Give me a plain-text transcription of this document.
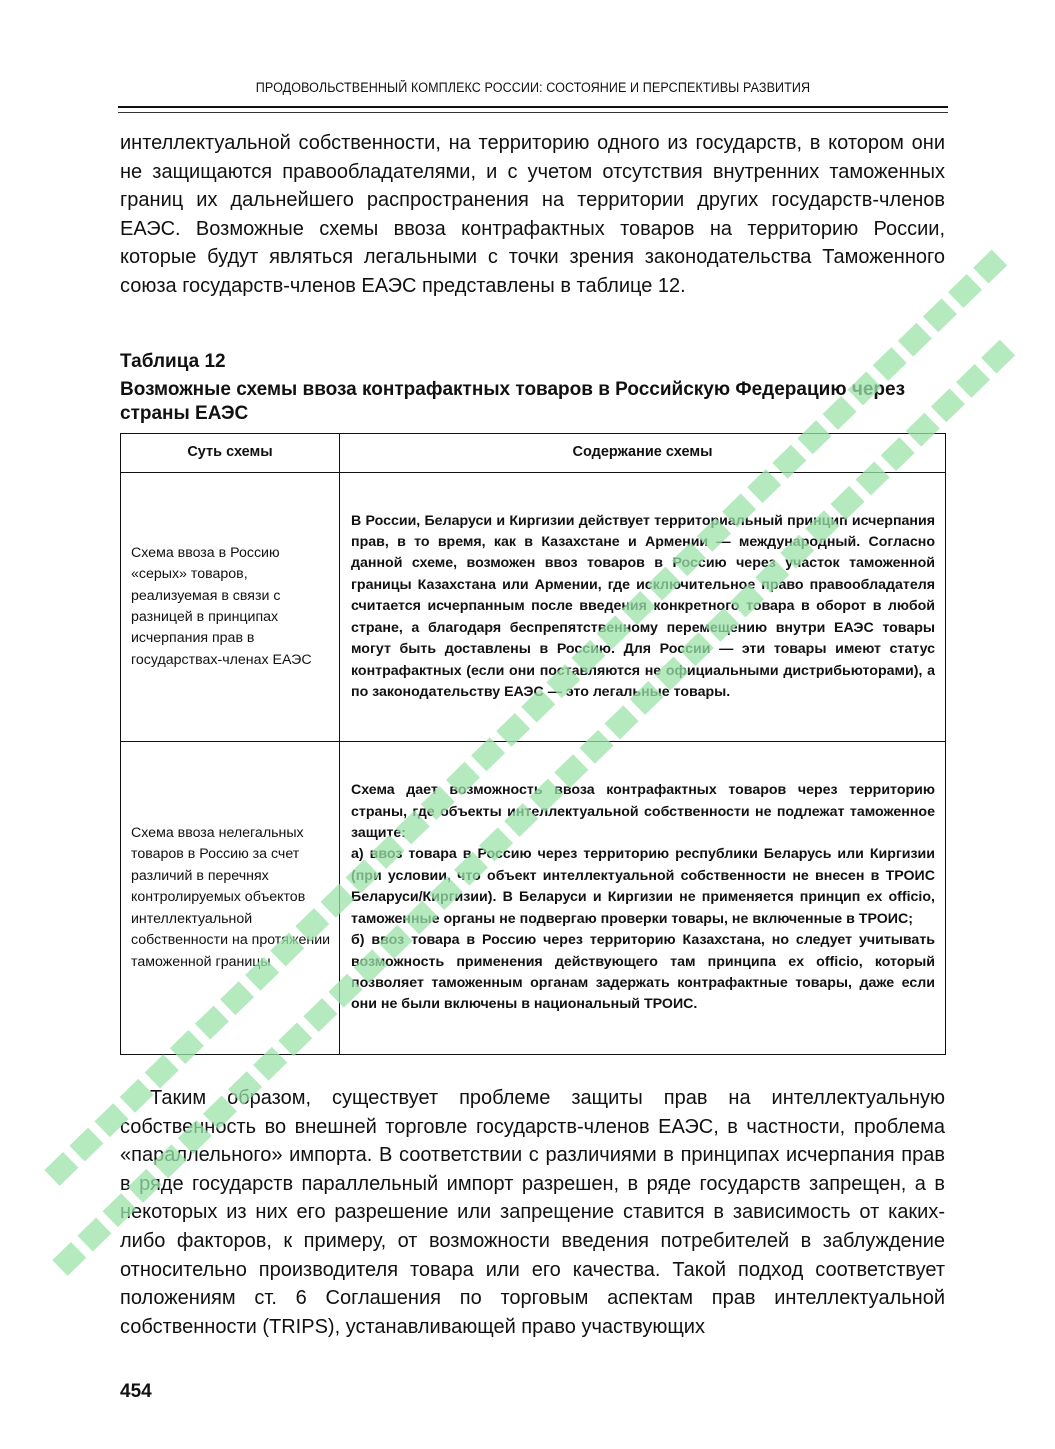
ПРОДОВОЛЬСТВЕННЫЙ КОМПЛЕКС РОССИИ: СОСТОЯНИЕ И ПЕРСПЕКТИВЫ РАЗВИТИЯ
интеллектуальной собственности, на территорию одного из государств, в котором они не защищаются правообладателями, и с учетом отсутствия внутренних таможенных границ их дальнейшего распространения на территории других государств-членов ЕАЭС. Возможные схемы ввоза контрафактных товаров на территорию России, которые будут являться легальными с точки зрения законодательства Таможенного союза государств-членов ЕАЭС представлены в таблице 12.
Таблица 12
Возможные схемы ввоза контрафактных товаров в Российскую Федерацию через страны ЕАЭС
Суть схемы	Содержание схемы
Схема ввоза в Россию «серых» товаров, реализуемая в связи с разницей в принципах исчерпания прав в государствах-членах ЕАЭС	В России, Беларуси и Киргизии действует территориальный принцип исчерпания прав, в то время, как в Казахстане и Армении — международный. Согласно данной схеме, возможен ввоз товаров в Россию через участок таможенной границы Казахстана или Армении, где исключительное право правообладателя считается исчерпанным после введения конкретного товара в оборот в любой стране, а благодаря беспрепятственному перемещению внутри ЕАЭС товары могут быть доставлены в Россию. Для России — эти товары имеют статус контрафактных (если они поставляются не официальными дистрибьюторами), а по законодательству ЕАЭС — это легальные товары.
Схема ввоза нелегальных товаров в Россию за счет различий в перечнях контролируемых объектов интеллектуальной собственности на протяжении таможенной границы	Схема дает возможность ввоза контрафактных товаров через территорию страны, где объекты интеллектуальной собственности не подлежат таможенное защите:
а) ввоз товара в Россию через территорию республики Беларусь или Киргизии (при условии, что объект интеллектуальной собственности не внесен в ТРОИС Беларуси/Киргизии). В Беларуси и Киргизии не применяется принцип ex officio, таможенные органы не подвергаю проверки товары, не включенные в ТРОИС;
б) ввоз товара в Россию через территорию Казахстана, но следует учитывать возможность применения действующего там принципа ex officio, который позволяет таможенным органам задержать контрафактные товары, даже если они не были включены в национальный ТРОИС.
Таким образом, существует проблеме защиты прав на интеллектуальную собственность во внешней торговле государств-членов ЕАЭС, в частности, проблема «параллельного» импорта. В соответствии с различиями в принципах исчерпания прав в ряде государств параллельный импорт разрешен, в ряде государств запрещен, а в некоторых из них его разрешение или запрещение ставится в зависимость от каких-либо факторов, к примеру, от возможности введения потребителей в заблуждение относительно производителя товара или его качества. Такой подход соответствует положениям ст. 6 Соглашения по торговым аспектам прав интеллектуальной собственности (TRIPS), устанавливающей право участвующих
454
